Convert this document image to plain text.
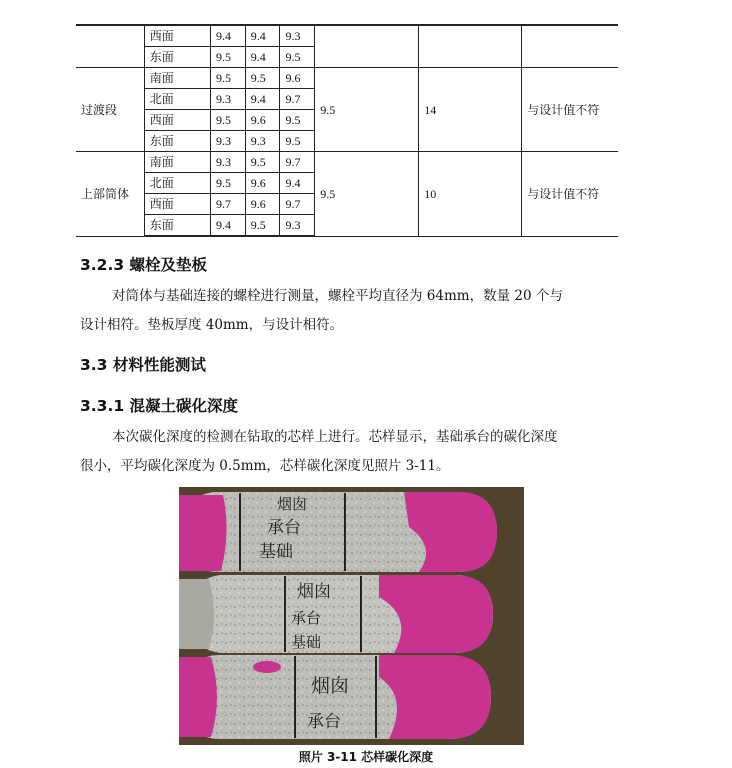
	西面	9.4	9.4	9.3			
	东面	9.5	9.4	9.5			
过渡段	南面	9.5	9.5	9.6	9.5	14	与设计值不符
	北面	9.3	9.4	9.7			
	西面	9.5	9.6	9.5			
	东面	9.3	9.3	9.5			
上部筒体	南面	9.3	9.5	9.7	9.5	10	与设计值不符
	北面	9.5	9.6	9.4			
	西面	9.7	9.6	9.7			
	东面	9.4	9.5	9.3			
3.2.3 螺栓及垫板
对筒体与基础连接的螺栓进行测量，螺栓平均直径为 64mm，数量 20 个与
设计相符。垫板厚度 40mm，与设计相符。
3.3 材料性能测试
3.3.1 混凝土碳化深度
本次碳化深度的检测在钻取的芯样上进行。芯样显示，基础承台的碳化深度
很小，平均碳化深度为 0.5mm，芯样碳化深度见照片 3-11。
烟囱
承台
基础
烟囱
承台
基础
烟囱
承台
照片 3-11 芯样碳化深度
